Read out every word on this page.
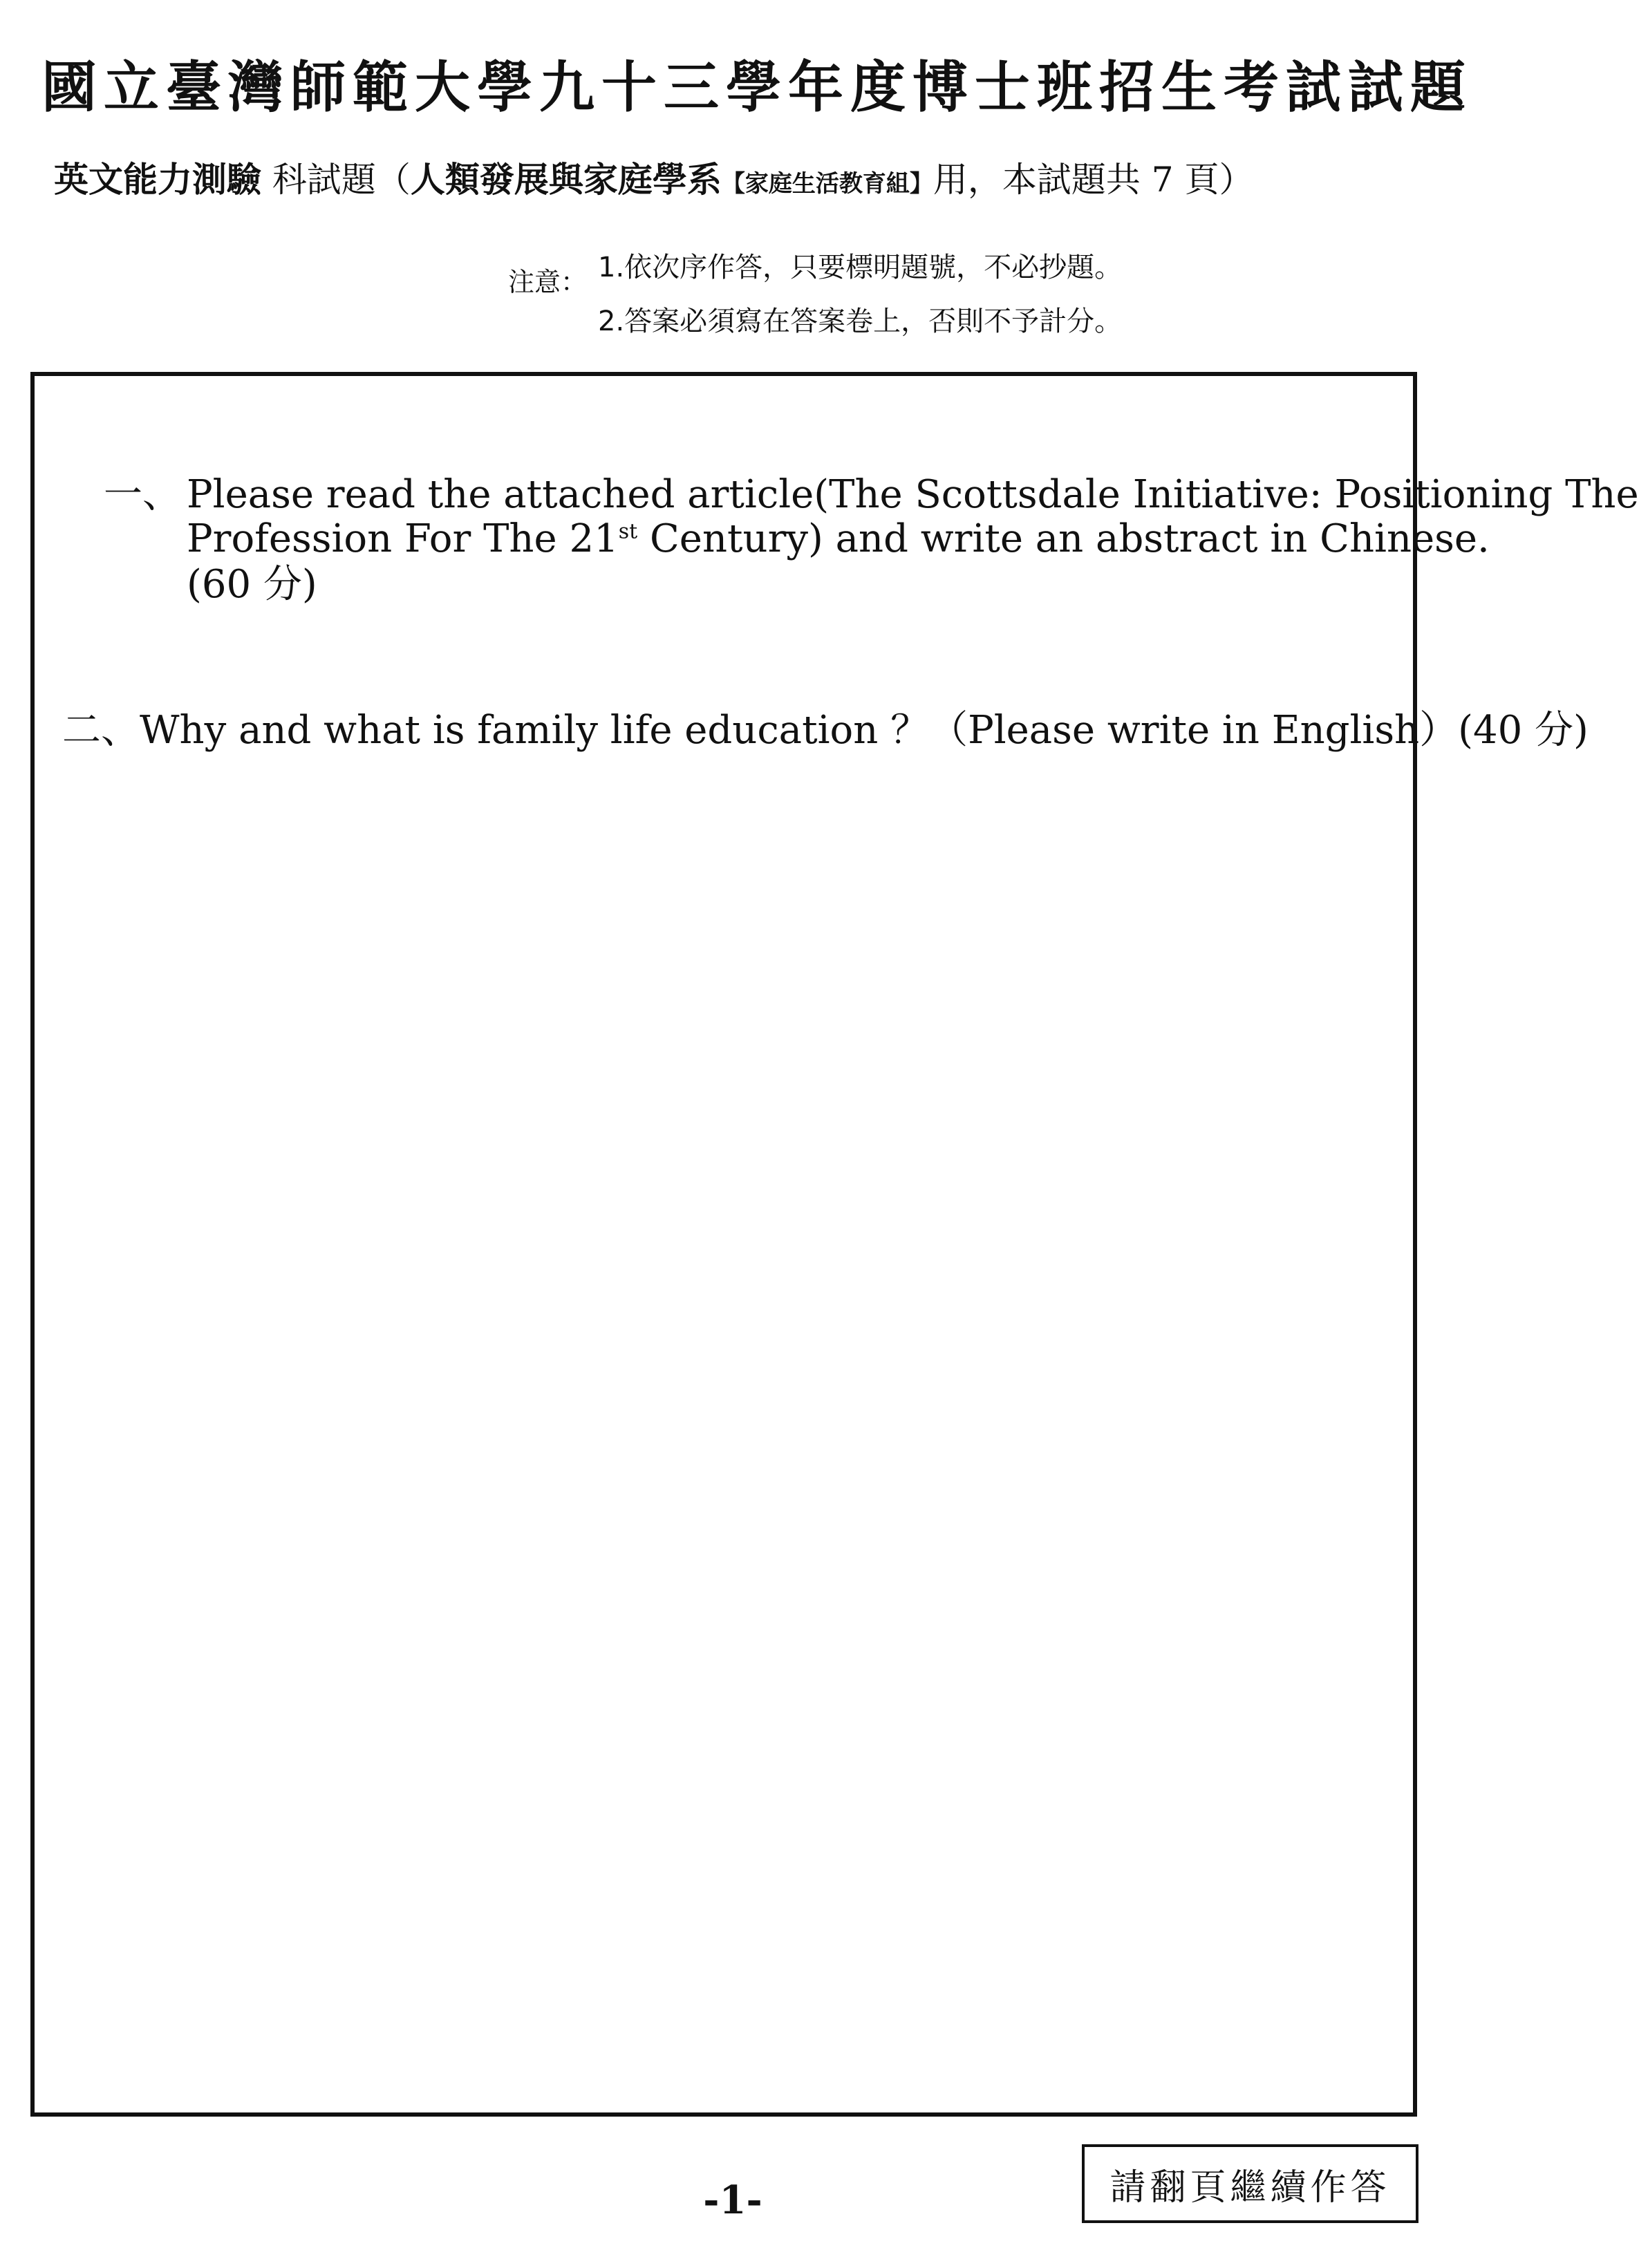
國立臺灣師範大學九十三學年度博士班招生考試試題
英文能力測驗 科試題（人類發展與家庭學系【家庭生活教育組】用，本試題共 7 頁）
注意： 1.依次序作答，只要標明題號，不必抄題。
2.答案必須寫在答案卷上，否則不予計分。
一、 Please read the attached article(The Scottsdale Initiative: Positioning The
Profession For The 21st Century) and write an abstract in Chinese.
(60 分)
二、Why and what is family life education ？（Please write in English）(40 分)
-1-	請翻頁繼續作答
